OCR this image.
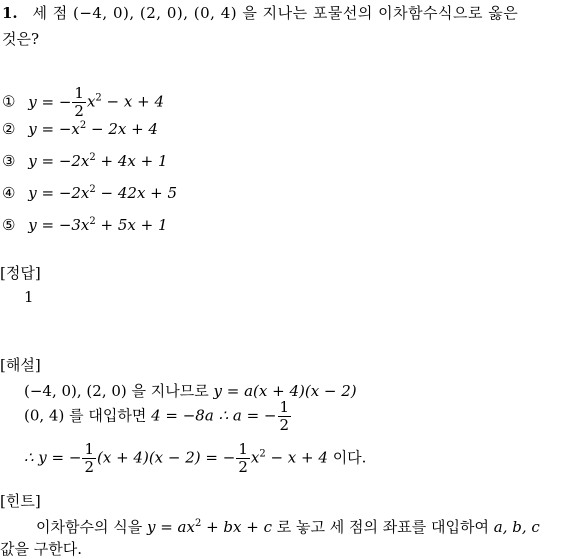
1. 세 점 (−4, 0), (2, 0), (0, 4) 을 지나는 포물선의 이차함수식으로 옳은
것은?
① y = − $\frac{1}{2} x^2 - x + 4$
② $y = -x^2 - 2x + 4$
③ $y = -2x^2 + 4x + 1$
④ $y = -2x^2 - 42x + 5$
⑤ $y = -3x^2 + 5x + 1$
[정답]
1
[해설]
(−4, 0), (2, 0) 을 지나므로 y = a(x + 4)(x − 2)
(0, 4) 를 대입하면 4 = −8a ∴ a = − $\frac{1}{2}$
∴ y = − $\frac{1}{2} (x + 4)(x - 2)$ = − $\frac{1}{2} x^2 - x + 4$ 이다.
[힌트]
이차함수의 식을 $y = ax^2$ + bx + c 로 놓고 세 점의 좌표를 대입하여 a, b, c
값을 구한다.
